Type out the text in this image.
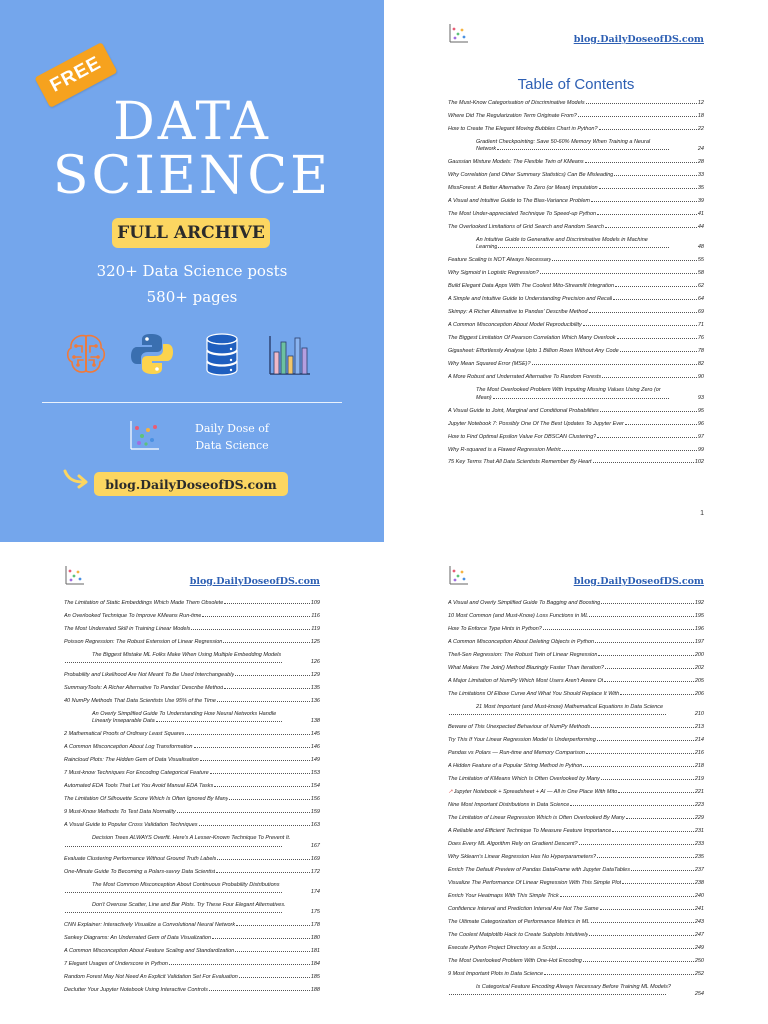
FREE
DATA
SCIENCE
FULL ARCHIVE
320+ Data Science posts
580+ pages
Daily Dose of
Data Science
blog.DailyDoseofDS.com
blog.DailyDoseofDS.com
Table of Contents
The Must-Know Categorisation of Discriminative Models	12
Where Did The Regularization Term Originate From?	18
How to Create The Elegant Moving Bubbles Chart in Python?	22
Gradient Checkpointing: Save 50-60% Memory When Training a Neural
Network	24
Gaussian Mixture Models: The Flexible Twin of KMeans	28
Why Correlation (and Other Summary Statistics) Can Be Misleading	33
MissForest: A Better Alternative To Zero (or Mean) Imputation	35
A Visual and Intuitive Guide to The Bias-Variance Problem	39
The Most Under-appreciated Technique To Speed-up Python	41
The Overlooked Limitations of Grid Search and Random Search	44
An Intuitive Guide to Generative and Discriminative Models in Machine
Learning	48
Feature Scaling is NOT Always Necessary	55
Why Sigmoid in Logistic Regression?	58
Build Elegant Data Apps With The Coolest Mito-Streamlit Integration	62
A Simple and Intuitive Guide to Understanding Precision and Recall	64
Skimpy: A Richer Alternative to Pandas' Describe Method	69
A Common Misconception About Model Reproducibility	71
The Biggest Limitation Of Pearson Correlation Which Many Overlook	76
Gigasheet: Effortlessly Analyse Upto 1 Billion Rows Without Any Code	78
Why Mean Squared Error (MSE)?	82
A More Robust and Underrated Alternative To Random Forests	90
The Most Overlooked Problem With Imputing Missing Values Using Zero (or
Mean)	93
A Visual Guide to Joint, Marginal and Conditional Probabilities	95
Jupyter Notebook 7: Possibly One Of The Best Updates To Jupyter Ever	96
How to Find Optimal Epsilon Value For DBSCAN Clustering?	97
Why R-squared is a Flawed Regression Metric	99
75 Key Terms That All Data Scientists Remember By Heart	102
1
blog.DailyDoseofDS.com
The Limitation of Static Embeddings Which Made Them Obsolete	109
An Overlooked Technique To Improve KMeans Run-time	116
The Most Underrated Skill in Training Linear Models	119
Poisson Regression: The Robust Extension of Linear Regression	125
The Biggest Mistake ML Folks Make When Using Multiple Embedding Models
126
Probability and Likelihood Are Not Meant To Be Used Interchangeably	129
SummaryTools: A Richer Alternative To Pandas' Describe Method	135
40 NumPy Methods That Data Scientists Use 95% of the Time	136
An Overly Simplified Guide To Understanding How Neural Networks Handle
Linearly Inseparable Data	138
2 Mathematical Proofs of Ordinary Least Squares	145
A Common Misconception About Log Transformation	146
Raincloud Plots: The Hidden Gem of Data Visualisation	149
7 Must-know Techniques For Encoding Categorical Feature	153
Automated EDA Tools That Let You Avoid Manual EDA Tasks	154
The Limitation Of Silhouette Score Which Is Often Ignored By Many	156
9 Must-Know Methods To Test Data Normality	159
A Visual Guide to Popular Cross Validation Techniques	163
Decision Trees ALWAYS Overfit. Here's A Lesser-Known Technique To Prevent It.
167
Evaluate Clustering Performance Without Ground Truth Labels	169
One-Minute Guide To Becoming a Polars-savvy Data Scientist	172
The Most Common Misconception About Continuous Probability Distributions
174
Don't Overuse Scatter, Line and Bar Plots. Try These Four Elegant Alternatives.
175
CNN Explainer: Interactively Visualize a Convolutional Neural Network	178
Sankey Diagrams: An Underrated Gem of Data Visualization	180
A Common Misconception About Feature Scaling and Standardization	181
7 Elegant Usages of Underscore in Python	184
Random Forest May Not Need An Explicit Validation Set For Evaluation	185
Declutter Your Jupyter Notebook Using Interactive Controls	188
blog.DailyDoseofDS.com
A Visual and Overly Simplified Guide To Bagging and Boosting	192
10 Most Common (and Must-Know) Loss Functions in ML	195
How To Enforce Type Hints in Python?	196
A Common Misconception About Deleting Objects in Python	197
Theil-Sen Regression: The Robust Twin of Linear Regression	200
What Makes The Join() Method Blazingly Faster Than Iteration?	202
A Major Limitation of NumPy Which Most Users Aren't Aware Of	205
The Limitations Of Elbow Curve And What You Should Replace It With	206
21 Most Important (and Must-know) Mathematical Equations in Data Science
210
Beware of This Unexpected Behaviour of NumPy Methods	213
Try This If Your Linear Regression Model is Underperforming	214
Pandas vs Polars — Run-time and Memory Comparison	216
A Hidden Feature of a Popular String Method in Python	218
The Limitation of KMeans Which Is Often Overlooked by Many	219
↗ Jupyter Notebook + Spreadsheet + AI — All in One Place With Mito	221
Nine Most Important Distributions in Data Science	223
The Limitation of Linear Regression Which is Often Overlooked By Many	229
A Reliable and Efficient Technique To Measure Feature Importance	231
Does Every ML Algorithm Rely on Gradient Descent?	233
Why Sklearn's Linear Regression Has No Hyperparameters?	235
Enrich The Default Preview of Pandas DataFrame with Jupyter DataTables	237
Visualize The Performance Of Linear Regression With This Simple Plot	238
Enrich Your Heatmaps With This Simple Trick	240
Confidence Interval and Prediction Interval Are Not The Same	241
The Ultimate Categorization of Performance Metrics in ML	243
The Coolest Matplotlib Hack to Create Subplots Intuitively	247
Execute Python Project Directory as a Script	249
The Most Overlooked Problem With One-Hot Encoding	250
9 Most Important Plots in Data Science	252
Is Categorical Feature Encoding Always Necessary Before Training ML Models?
254
